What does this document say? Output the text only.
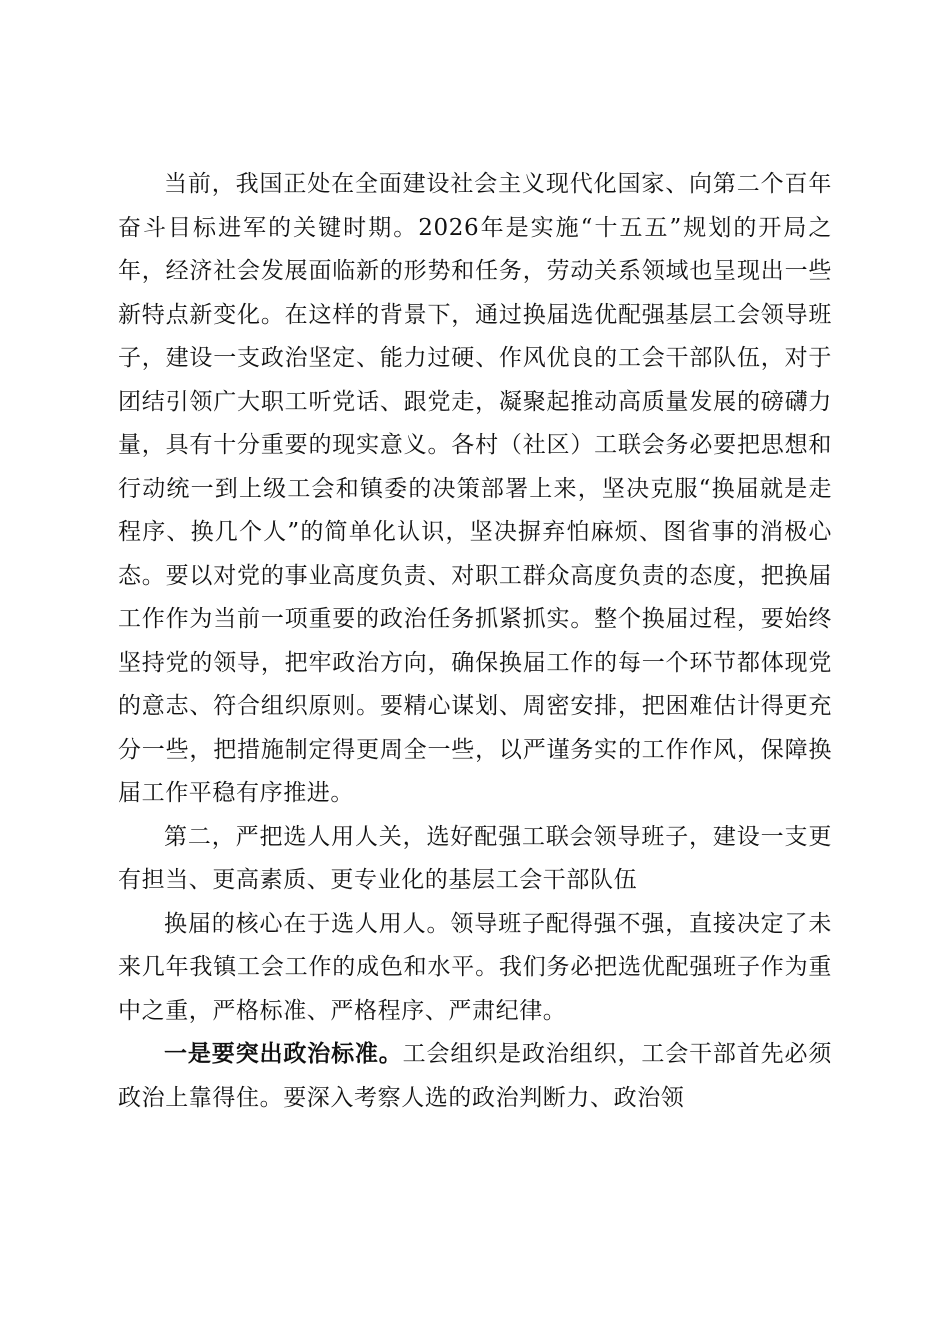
当前，我国正处在全面建设社会主义现代化国家、向第二个百年奋斗目标进军的关键时期。2026年是实施“十五五”规划的开局之年，经济社会发展面临新的形势和任务，劳动关系领域也呈现出一些新特点新变化。在这样的背景下，通过换届选优配强基层工会领导班子，建设一支政治坚定、能力过硬、作风优良的工会干部队伍，对于团结引领广大职工听党话、跟党走，凝聚起推动高质量发展的磅礴力量，具有十分重要的现实意义。各村（社区）工联会务必要把思想和行动统一到上级工会和镇委的决策部署上来，坚决克服“换届就是走程序、换几个人”的简单化认识，坚决摒弃怕麻烦、图省事的消极心态。要以对党的事业高度负责、对职工群众高度负责的态度，把换届工作作为当前一项重要的政治任务抓紧抓实。整个换届过程，要始终坚持党的领导，把牢政治方向，确保换届工作的每一个环节都体现党的意志、符合组织原则。要精心谋划、周密安排，把困难估计得更充分一些，把措施制定得更周全一些，以严谨务实的工作作风，保障换届工作平稳有序推进。

第二，严把选人用人关，选好配强工联会领导班子，建设一支更有担当、更高素质、更专业化的基层工会干部队伍

换届的核心在于选人用人。领导班子配得强不强，直接决定了未来几年我镇工会工作的成色和水平。我们务必把选优配强班子作为重中之重，严格标准、严格程序、严肃纪律。

一是要突出政治标准。工会组织是政治组织，工会干部首先必须政治上靠得住。要深入考察人选的政治判断力、政治领
